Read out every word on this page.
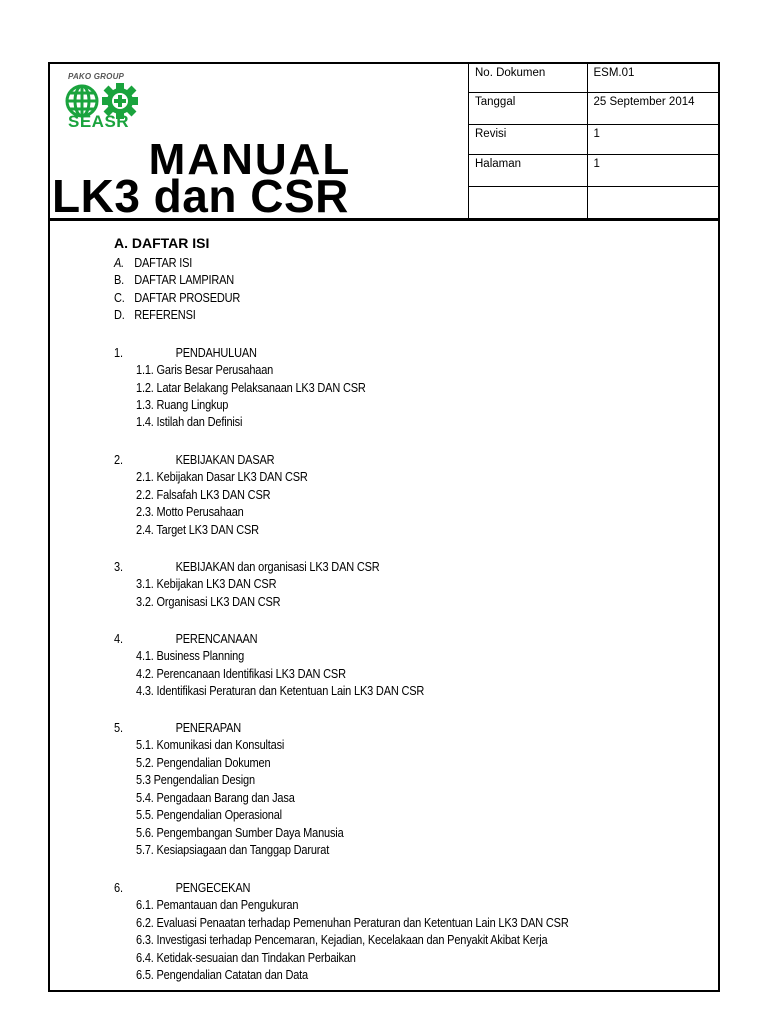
PAKO GROUP
SEASR
MANUAL
LK3 dan CSR
No. Dokumen	ESM.01
Tanggal	25 September 2014
Revisi	1
Halaman	1

A. DAFTAR ISI
A. DAFTAR ISI
B. DAFTAR LAMPIRAN
C. DAFTAR PROSEDUR
D. REFERENSI
1.	PENDAHULUAN
1.1. Garis Besar Perusahaan
1.2. Latar Belakang Pelaksanaan LK3 DAN CSR
1.3. Ruang Lingkup
1.4. Istilah dan Definisi
2.	KEBIJAKAN DASAR
2.1. Kebijakan Dasar LK3 DAN CSR
2.2. Falsafah LK3 DAN CSR
2.3. Motto Perusahaan
2.4. Target LK3 DAN CSR
3.	KEBIJAKAN dan organisasi LK3 DAN CSR
3.1. Kebijakan LK3 DAN CSR
3.2. Organisasi LK3 DAN CSR
4.	PERENCANAAN
4.1. Business Planning
4.2. Perencanaan Identifikasi LK3 DAN CSR
4.3. Identifikasi Peraturan dan Ketentuan Lain LK3 DAN CSR
5.	PENERAPAN
5.1. Komunikasi dan Konsultasi
5.2. Pengendalian Dokumen
5.3 Pengendalian Design
5.4. Pengadaan Barang dan Jasa
5.5. Pengendalian Operasional
5.6. Pengembangan Sumber Daya Manusia
5.7. Kesiapsiagaan dan Tanggap Darurat
6.	PENGECEKAN
6.1. Pemantauan dan Pengukuran
6.2. Evaluasi Penaatan terhadap Pemenuhan Peraturan dan Ketentuan Lain LK3 DAN CSR
6.3. Investigasi terhadap Pencemaran, Kejadian, Kecelakaan dan Penyakit Akibat Kerja
6.4. Ketidak-sesuaian dan Tindakan Perbaikan
6.5. Pengendalian Catatan dan Data
